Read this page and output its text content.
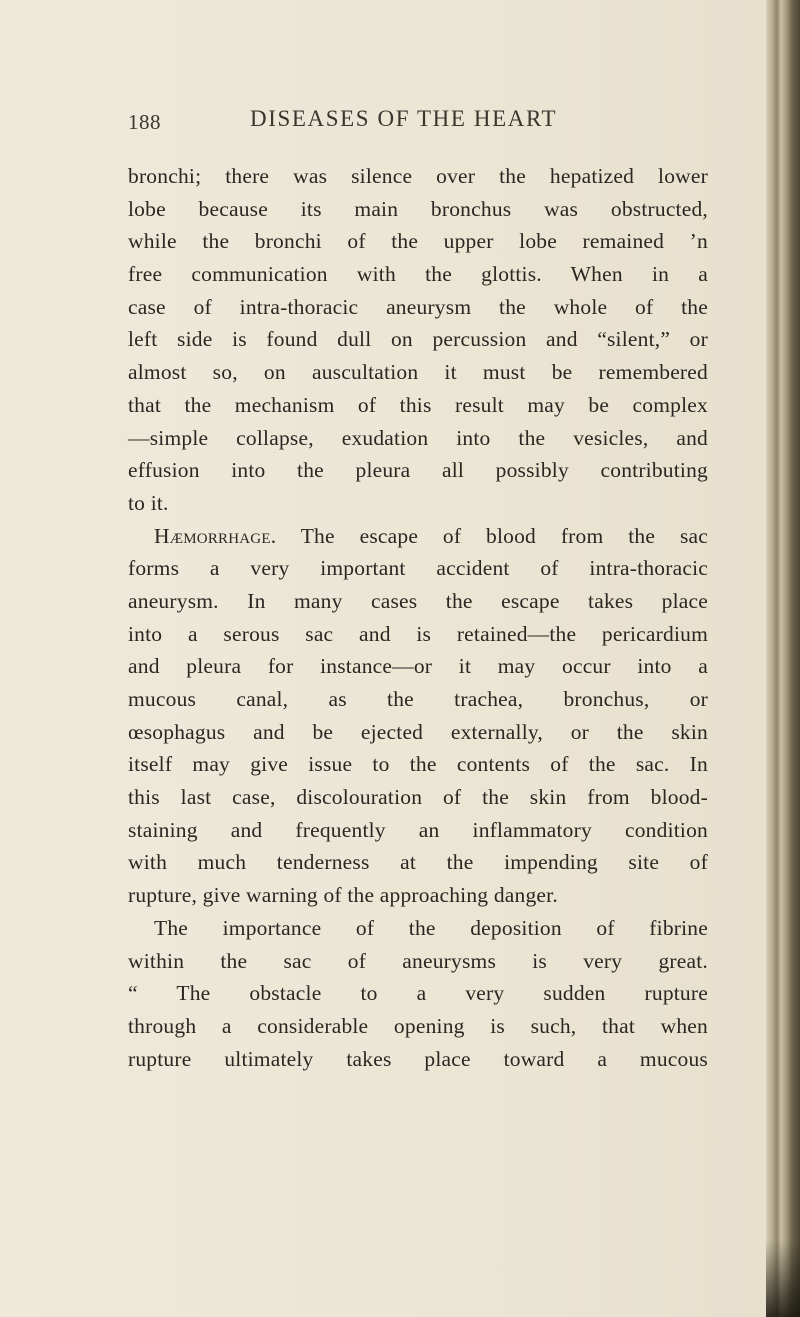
188	DISEASES OF THE HEART
bronchi; there was silence over the hepatized lower
lobe because its main bronchus was obstructed,
while the bronchi of the upper lobe remained ’n
free communication with the glottis. When in a
case of intra-thoracic aneurysm the whole of the
left side is found dull on percussion and “silent,” or
almost so, on auscultation it must be remembered
that the mechanism of this result may be complex
—simple collapse, exudation into the vesicles, and
effusion into the pleura all possibly contributing
to it.
Hæmorrhage. The escape of blood from the sac
forms a very important accident of intra-thoracic
aneurysm. In many cases the escape takes place
into a serous sac and is retained—the pericardium
and pleura for instance—or it may occur into a
mucous canal, as the trachea, bronchus, or
œsophagus and be ejected externally, or the skin
itself may give issue to the contents of the sac. In
this last case, discolouration of the skin from blood-
staining and frequently an inflammatory condition
with much tenderness at the impending site of
rupture, give warning of the approaching danger.
The importance of the deposition of fibrine
within the sac of aneurysms is very great.
“ The obstacle to a very sudden rupture
through a considerable opening is such, that when
rupture ultimately takes place toward a mucous
